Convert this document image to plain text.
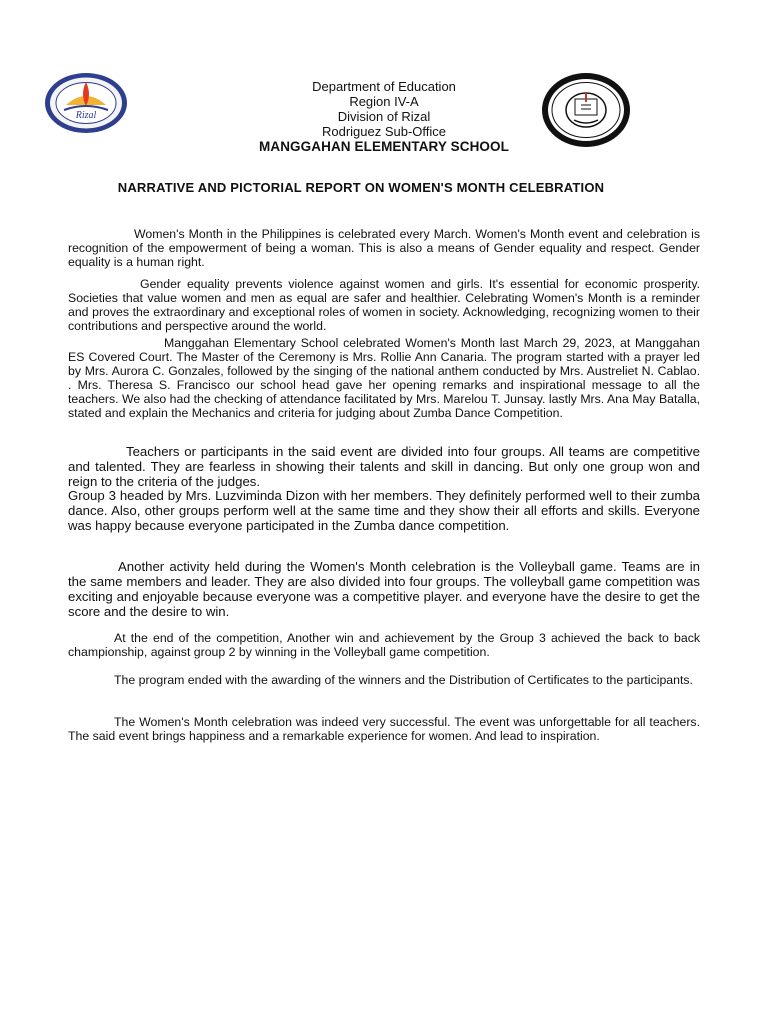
Rizal
Department of Education
Region IV-A
Division of Rizal
Rodriguez Sub-Office
MANGGAHAN ELEMENTARY SCHOOL
NARRATIVE AND PICTORIAL REPORT ON WOMEN'S MONTH CELEBRATION

Women's Month in the Philippines is celebrated every March. Women's Month event and celebration is recognition of the empowerment of being a woman. This is also a means of Gender equality and respect. Gender equality is a human right.

Gender equality prevents violence against women and girls. It's essential for economic prosperity. Societies that value women and men as equal are safer and healthier. Celebrating Women's Month is a reminder and proves the extraordinary and exceptional roles of women in society. Acknowledging, recognizing women to their contributions and perspective around the world.

Manggahan Elementary School celebrated Women's Month last March 29, 2023, at Manggahan ES Covered Court. The Master of the Ceremony is Mrs. Rollie Ann Canaria. The program started with a prayer led by Mrs. Aurora C. Gonzales, followed by the singing of the national anthem conducted by Mrs. Austreliet N. Cablao. . Mrs. Theresa S. Francisco our school head gave her opening remarks and inspirational message to all the teachers. We also had the checking of attendance facilitated by Mrs. Marelou T. Junsay. lastly Mrs. Ana May Batalla, stated and explain the Mechanics and criteria for judging about Zumba Dance Competition.

Teachers or participants in the said event are divided into four groups. All teams are competitive and talented. They are fearless in showing their talents and skill in dancing. But only one group won and reign to the criteria of the judges.

Group 3 headed by Mrs. Luzviminda Dizon with her members. They definitely performed well to their zumba dance. Also, other groups perform well at the same time and they show their all efforts and skills. Everyone was happy because everyone participated in the Zumba dance competition.

Another activity held during the Women's Month celebration is the Volleyball game. Teams are in the same members and leader. They are also divided into four groups. The volleyball game competition was exciting and enjoyable because everyone was a competitive player. and everyone have the desire to get the score and the desire to win.

At the end of the competition, Another win and achievement by the Group 3 achieved the back to back championship, against group 2 by winning in the Volleyball game competition.

The program ended with the awarding of the winners and the Distribution of Certificates to the participants.

The Women's Month celebration was indeed very successful. The event was unforgettable for all teachers. The said event brings happiness and a remarkable experience for women. And lead to inspiration.
